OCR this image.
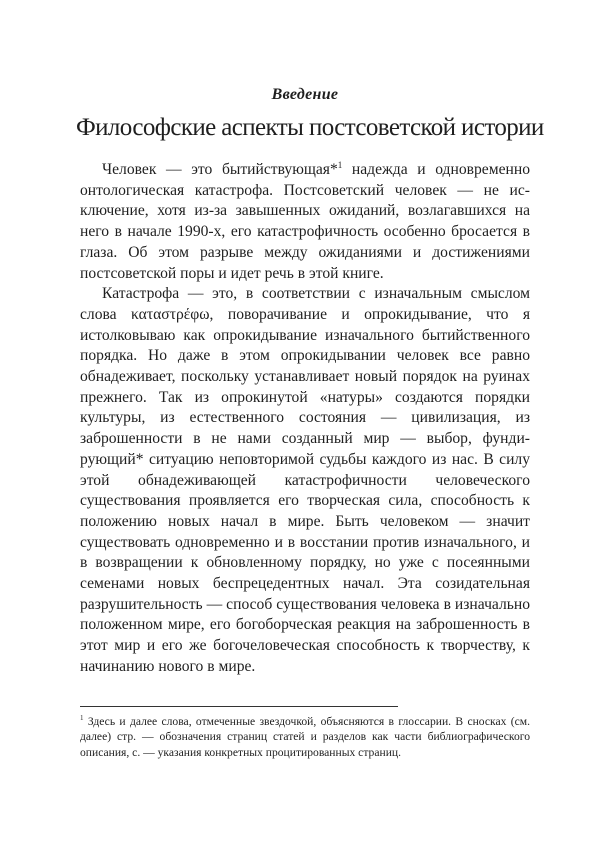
Введение
Философские аспекты постсоветской истории

Человек — это бытийствующая*$^1$ надежда и одновременно онтологическая катастрофа. Постсоветский человек — не исключение, хотя из-за завышенных ожиданий, возлагавшихся на него в начале 1990-х, его катастрофичность особенно бросается в глаза. Об этом разрыве между ожиданиями и достижениями постсоветской поры и идет речь в этой книге.

Катастрофа — это, в соответствии с изначальным смыслом слова καταστρέφω, поворачивание и опрокидывание, что я истолковываю как опрокидывание изначального бытийственного порядка. Но даже в этом опрокидывании человек все равно обнадеживает, поскольку устанавливает новый порядок на руинах прежнего. Так из опрокинутой «натуры» создаются порядки культуры, из естественного состояния — цивилизация, из заброшенности в не нами созданный мир — выбор, фундирующий* ситуацию неповторимой судьбы каждого из нас. В силу этой обнадеживающей катастрофичности человеческого существования проявляется его творческая сила, способность к положению новых начал в мире. Быть человеком — значит существовать одновременно и в восстании против изначального, и в возвращении к обновленному порядку, но уже с посеянными семенами новых беспрецедентных начал. Эта созидательная разрушительность — способ существования человека в изначально положенном мире, его богоборческая реакция на заброшенность в этот мир и его же богочеловеческая способность к творчеству, к начинанию нового в мире.

$^1$ Здесь и далее слова, отмеченные звездочкой, объясняются в глоссарии. В сносках (см. далее) стр. — обозначения страниц статей и разделов как части библиографического описания, с. — указания конкретных процитированных страниц.
